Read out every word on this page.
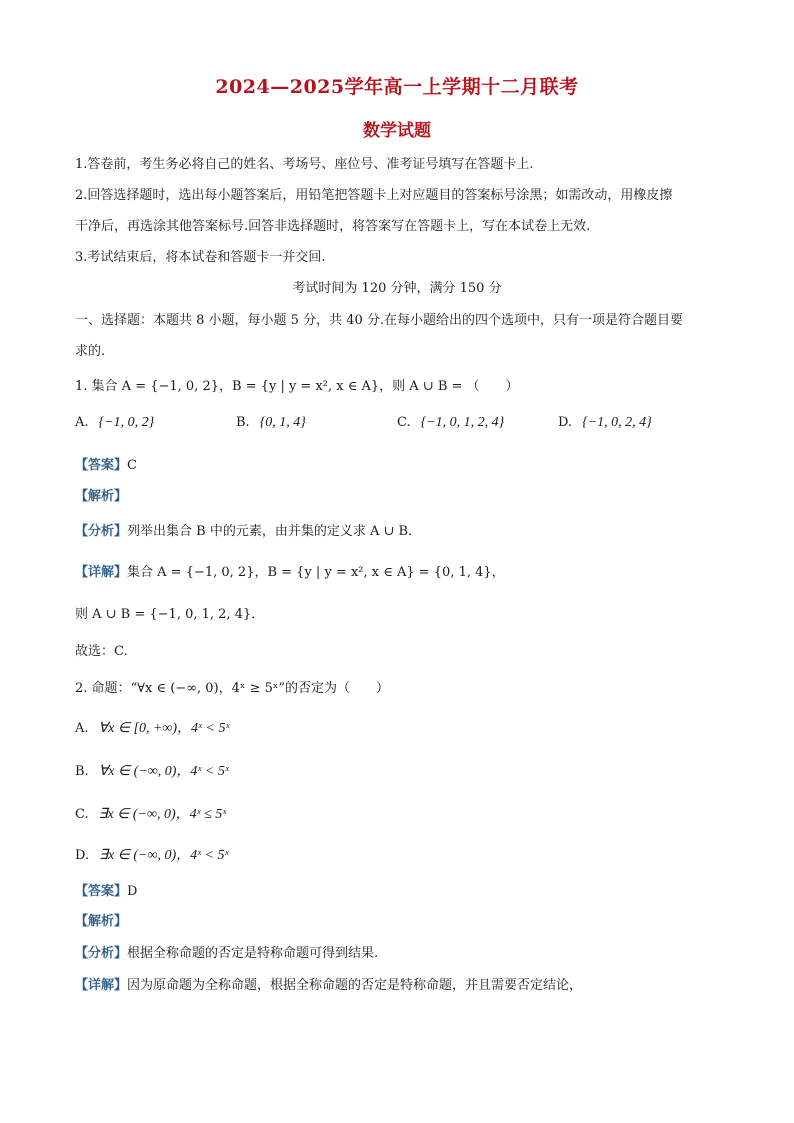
2024—2025学年高一上学期十二月联考
数学试题
1.答卷前，考生务必将自己的姓名、考场号、座位号、准考证号填写在答题卡上.
2.回答选择题时，选出每小题答案后，用铅笔把答题卡上对应题目的答案标号涂黑；如需改动，用橡皮擦
干净后，再选涂其他答案标号.回答非选择题时，将答案写在答题卡上，写在本试卷上无效.
3.考试结束后，将本试卷和答题卡一并交回.
考试时间为 120 分钟，满分 150 分
一、选择题：本题共 8 小题，每小题 5 分，共 40 分.在每小题给出的四个选项中，只有一项是符合题目要
求的.
1. 集合 A = {−1, 0, 2}，B = {y | y = x², x ∈ A}，则 A ∪ B = （　　）
A. {−1, 0, 2}	B. {0, 1, 4}	C. {−1, 0, 1, 2, 4}	D. {−1, 0, 2, 4}
【答案】C
【解析】
【分析】列举出集合 B 中的元素，由并集的定义求 A ∪ B．
【详解】集合 A = {−1, 0, 2}，B = {y | y = x², x ∈ A} = {0, 1, 4}，
则 A ∪ B = {−1, 0, 1, 2, 4}．
故选：C.
2. 命题：“∀x ∈ (−∞, 0)，4ˣ ≥ 5ˣ”的否定为（　　）
A. ∀x ∈ [0, +∞)，4ˣ < 5ˣ
B. ∀x ∈ (−∞, 0)，4ˣ < 5ˣ
C. ∃x ∈ (−∞, 0)，4ˣ ≤ 5ˣ
D. ∃x ∈ (−∞, 0)，4ˣ < 5ˣ
【答案】D
【解析】
【分析】根据全称命题的否定是特称命题可得到结果.
【详解】因为原命题为全称命题，根据全称命题的否定是特称命题，并且需要否定结论，
